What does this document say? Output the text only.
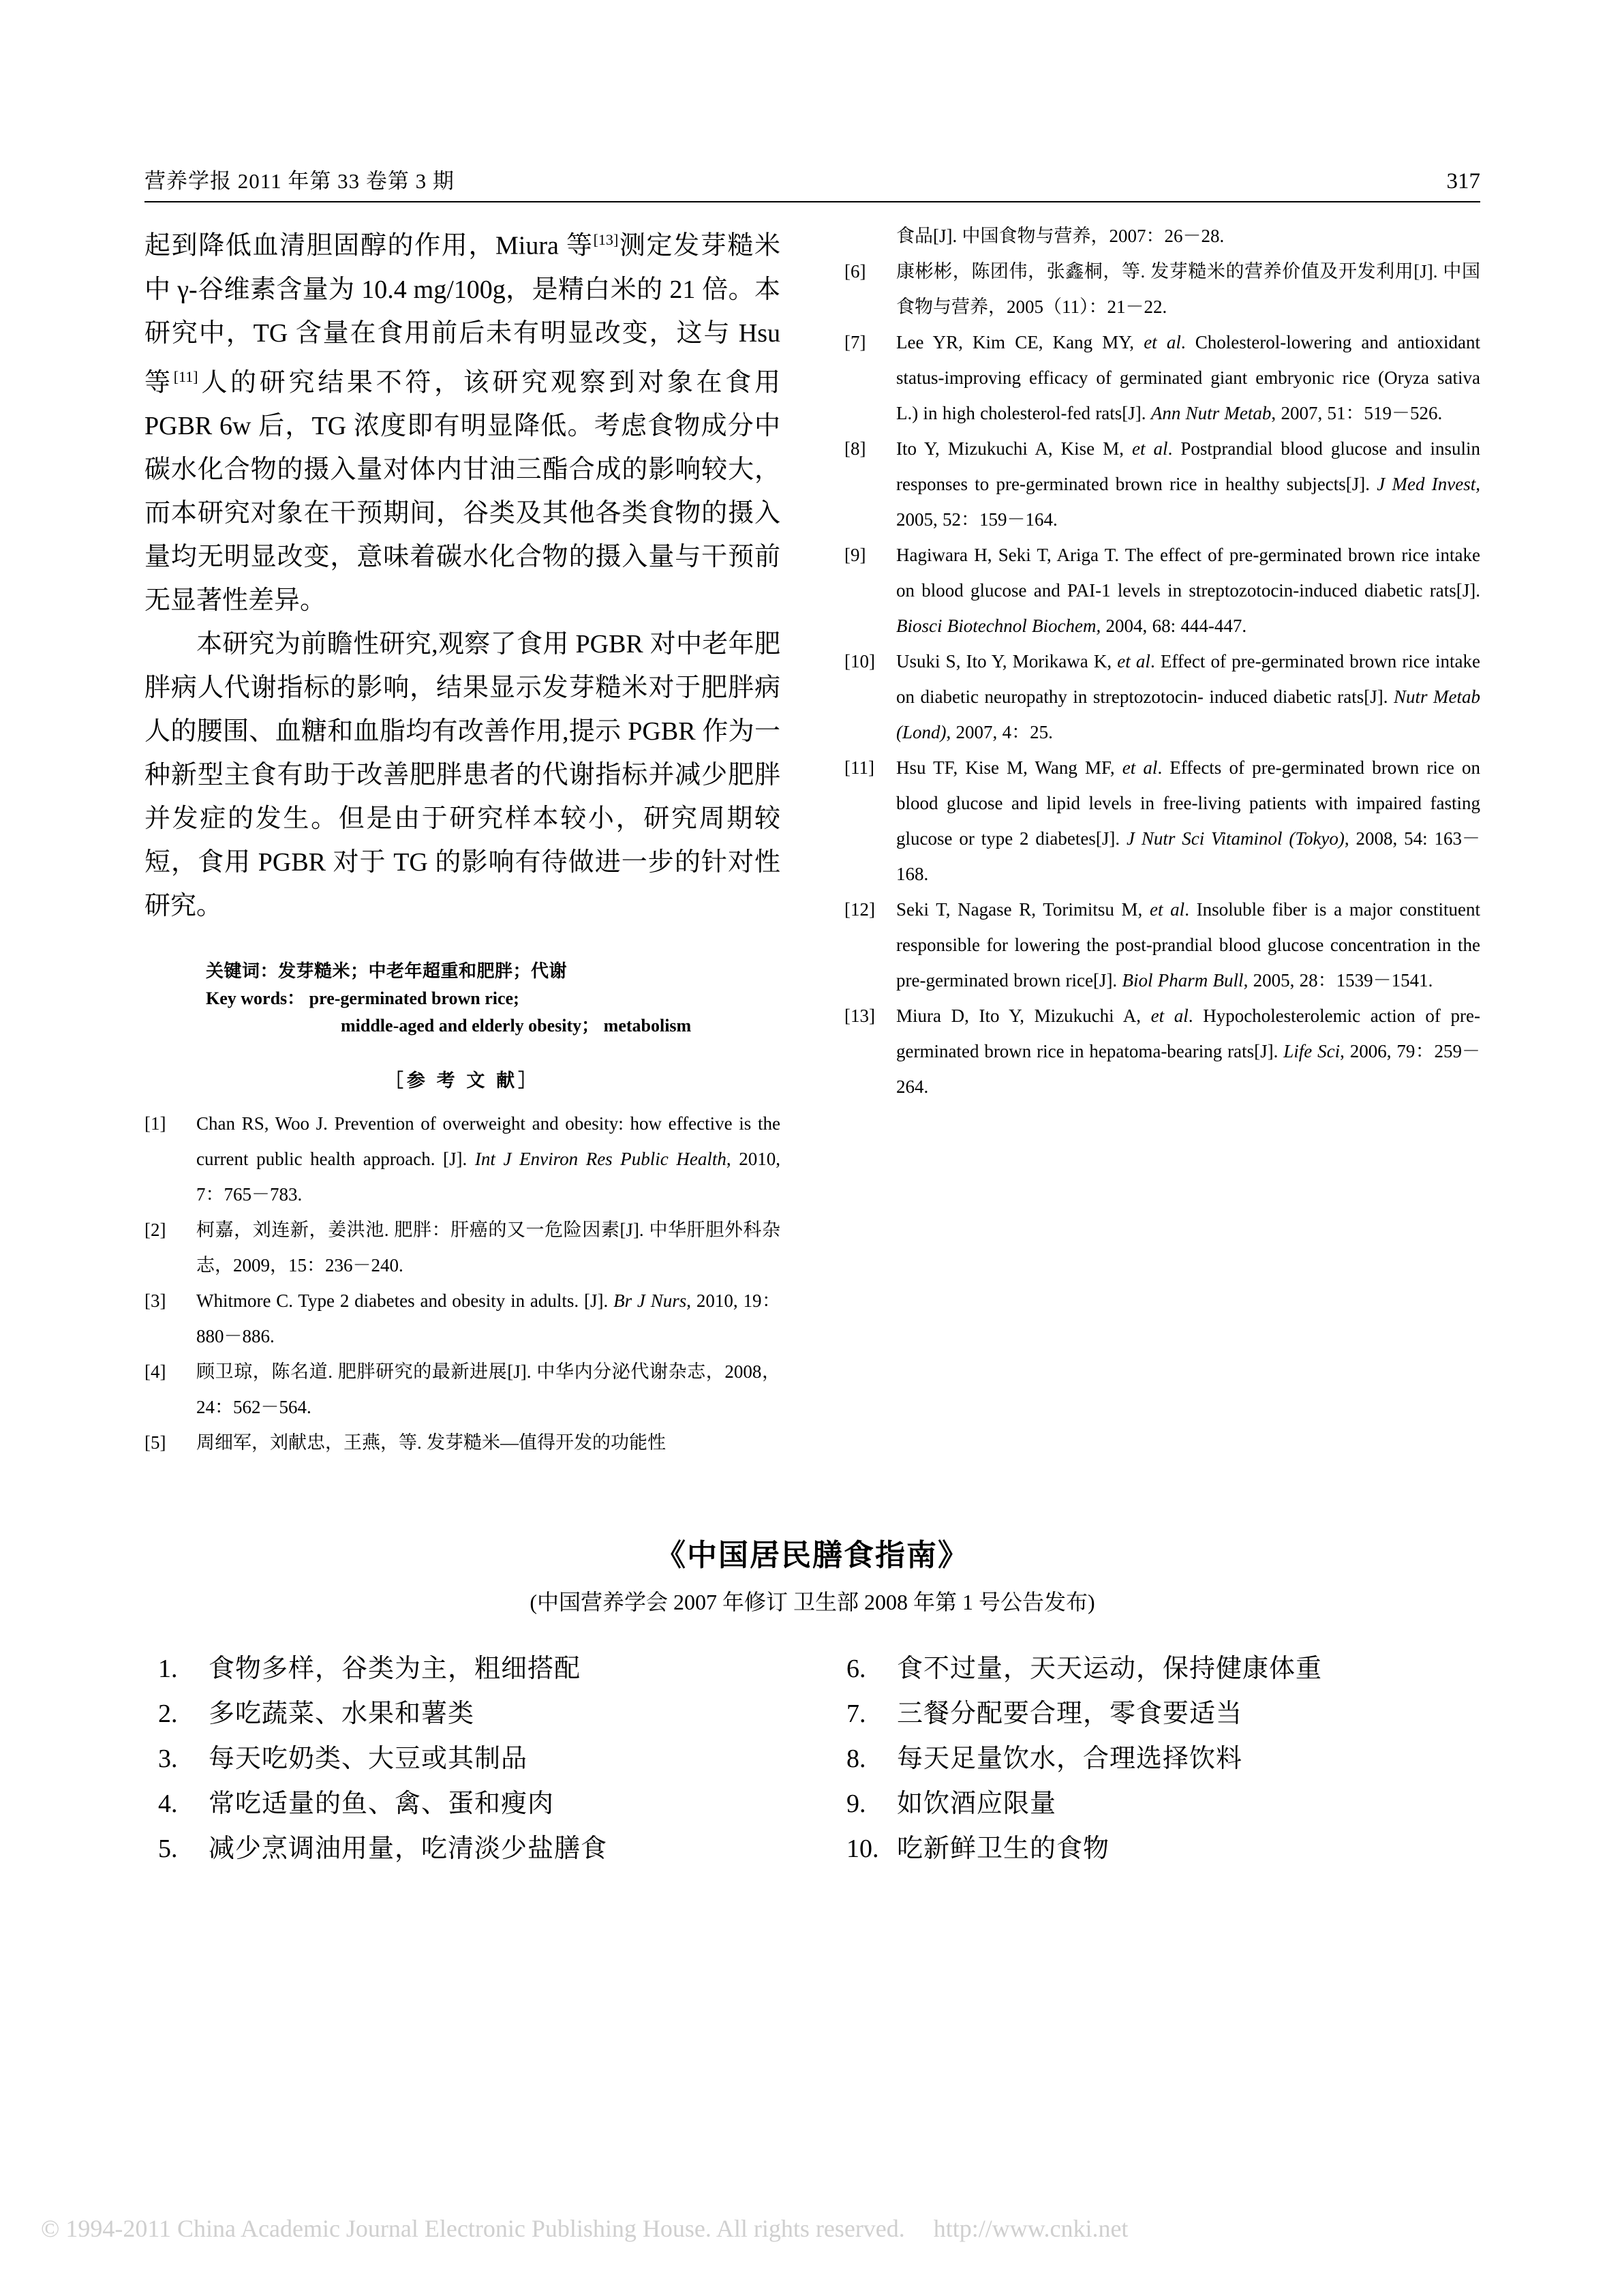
营养学报 2011 年第 33 卷第 3 期	317

起到降低血清胆固醇的作用，Miura 等[13]测定发芽糙米中 γ-谷维素含量为 10.4 mg/100g，是精白米的 21 倍。本研究中，TG 含量在食用前后未有明显改变，这与 Hsu 等[11]人的研究结果不符，该研究观察到对象在食用 PGBR 6w 后，TG 浓度即有明显降低。考虑食物成分中碳水化合物的摄入量对体内甘油三酯合成的影响较大，而本研究对象在干预期间，谷类及其他各类食物的摄入量均无明显改变，意味着碳水化合物的摄入量与干预前无显著性差异。

本研究为前瞻性研究,观察了食用 PGBR 对中老年肥胖病人代谢指标的影响，结果显示发芽糙米对于肥胖病人的腰围、血糖和血脂均有改善作用,提示 PGBR 作为一种新型主食有助于改善肥胖患者的代谢指标并减少肥胖并发症的发生。但是由于研究样本较小，研究周期较短，食用 PGBR 对于 TG 的影响有待做进一步的针对性研究。

关键词：发芽糙米；中老年超重和肥胖；代谢
Key words： pre-germinated brown rice;
middle-aged and elderly obesity； metabolism
［参 考 文 献］
[1]	Chan RS, Woo J. Prevention of overweight and obesity: how effective is the current public health approach. [J]. Int J Environ Res Public Health, 2010, 7：765－783.
[2]	柯嘉，刘连新，姜洪池. 肥胖：肝癌的又一危险因素[J]. 中华肝胆外科杂志，2009，15：236－240.
[3]	Whitmore C. Type 2 diabetes and obesity in adults. [J]. Br J Nurs, 2010, 19：880－886.
[4]	顾卫琼，陈名道. 肥胖研究的最新进展[J]. 中华内分泌代谢杂志，2008，24：562－564.
[5]	周细军，刘献忠，王燕，等. 发芽糙米—值得开发的功能性
食品[J]. 中国食物与营养，2007：26－28.
[6]	康彬彬，陈团伟，张鑫桐，等. 发芽糙米的营养价值及开发利用[J]. 中国食物与营养，2005（11）：21－22.
[7]	Lee YR, Kim CE, Kang MY, et al. Cholesterol-lowering and antioxidant status-improving efficacy of germinated giant embryonic rice (Oryza sativa L.) in high cholesterol-fed rats[J]. Ann Nutr Metab, 2007, 51：519－526.
[8]	Ito Y, Mizukuchi A, Kise M, et al. Postprandial blood glucose and insulin responses to pre-germinated brown rice in healthy subjects[J]. J Med Invest, 2005, 52：159－164.
[9]	Hagiwara H, Seki T, Ariga T. The effect of pre-germinated brown rice intake on blood glucose and PAI-1 levels in streptozotocin-induced diabetic rats[J]. Biosci Biotechnol Biochem, 2004, 68: 444-447.
[10]	Usuki S, Ito Y, Morikawa K, et al. Effect of pre-germinated brown rice intake on diabetic neuropathy in streptozotocin- induced diabetic rats[J]. Nutr Metab (Lond), 2007, 4：25.
[11]	Hsu TF, Kise M, Wang MF, et al. Effects of pre-germinated brown rice on blood glucose and lipid levels in free-living patients with impaired fasting glucose or type 2 diabetes[J]. J Nutr Sci Vitaminol (Tokyo), 2008, 54: 163－168.
[12]	Seki T, Nagase R, Torimitsu M, et al. Insoluble fiber is a major constituent responsible for lowering the post-prandial blood glucose concentration in the pre-germinated brown rice[J]. Biol Pharm Bull, 2005, 28：1539－1541.
[13]	Miura D, Ito Y, Mizukuchi A, et al. Hypocholesterolemic action of pre-germinated brown rice in hepatoma-bearing rats[J]. Life Sci, 2006, 79：259－264.
《中国居民膳食指南》
(中国营养学会 2007 年修订 卫生部 2008 年第 1 号公告发布)
1.	食物多样，谷类为主，粗细搭配
2.	多吃蔬菜、水果和薯类
3.	每天吃奶类、大豆或其制品
4.	常吃适量的鱼、禽、蛋和瘦肉
5.	减少烹调油用量，吃清淡少盐膳食
6.	食不过量，天天运动，保持健康体重
7.	三餐分配要合理，零食要适当
8.	每天足量饮水，合理选择饮料
9.	如饮酒应限量
10. 吃新鲜卫生的食物
© 1994-2011 China Academic Journal Electronic Publishing House. All rights reserved. http://www.cnki.net
